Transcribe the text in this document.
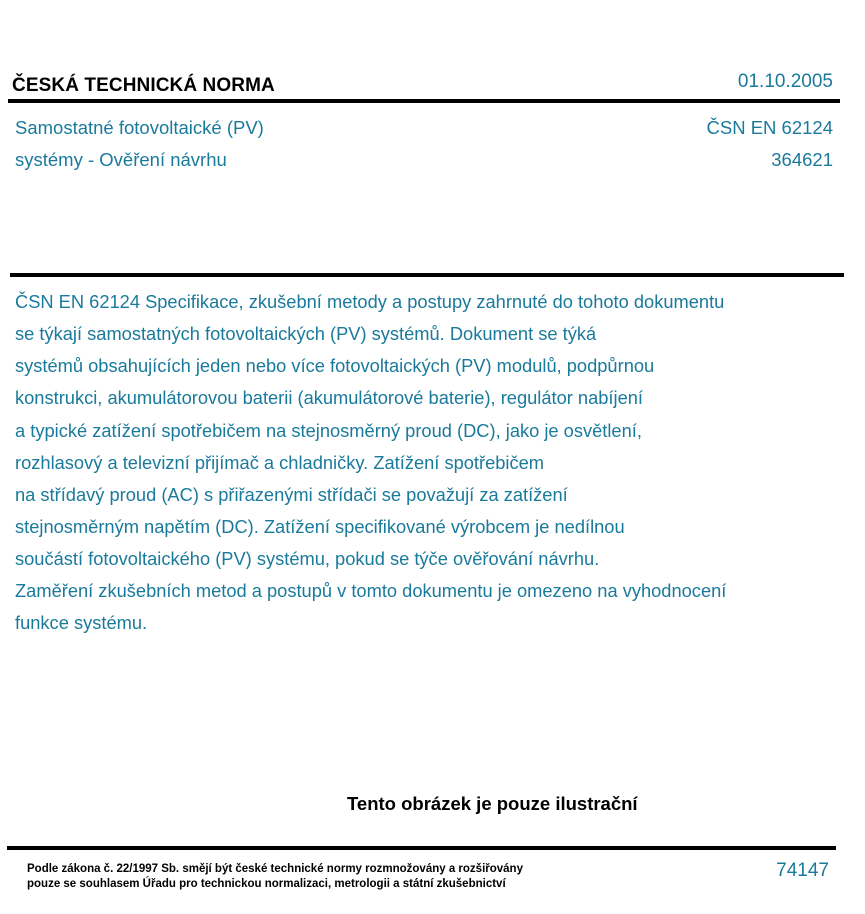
ČESKÁ TECHNICKÁ NORMA	01.10.2005
Samostatné fotovoltaické (PV)
systémy - Ověření návrhu
ČSN EN 62124
364621
ČSN EN 62124 Specifikace, zkušební metody a postupy zahrnuté do tohoto dokumentu
se týkají samostatných fotovoltaických (PV) systémů. Dokument se týká
systémů obsahujících jeden nebo více fotovoltaických (PV) modulů, podpůrnou
konstrukci, akumulátorovou baterii (akumulátorové baterie), regulátor nabíjení
a typické zatížení spotřebičem na stejnosměrný proud (DC), jako je osvětlení,
rozhlasový a televizní přijímač a chladničky. Zatížení spotřebičem
na střídavý proud (AC) s přiřazenými střídači se považují za zatížení
stejnosměrným napětím (DC). Zatížení specifikované výrobcem je nedílnou
součástí fotovoltaického (PV) systému, pokud se týče ověřování návrhu.
Zaměření zkušebních metod a postupů v tomto dokumentu je omezeno na vyhodnocení
funkce systému.
Tento obrázek je pouze ilustrační
Podle zákona č. 22/1997 Sb. smějí být české technické normy rozmnožovány a rozšiřovány
pouze se souhlasem Úřadu pro technickou normalizaci, metrologii a státní zkušebnictví
74147
